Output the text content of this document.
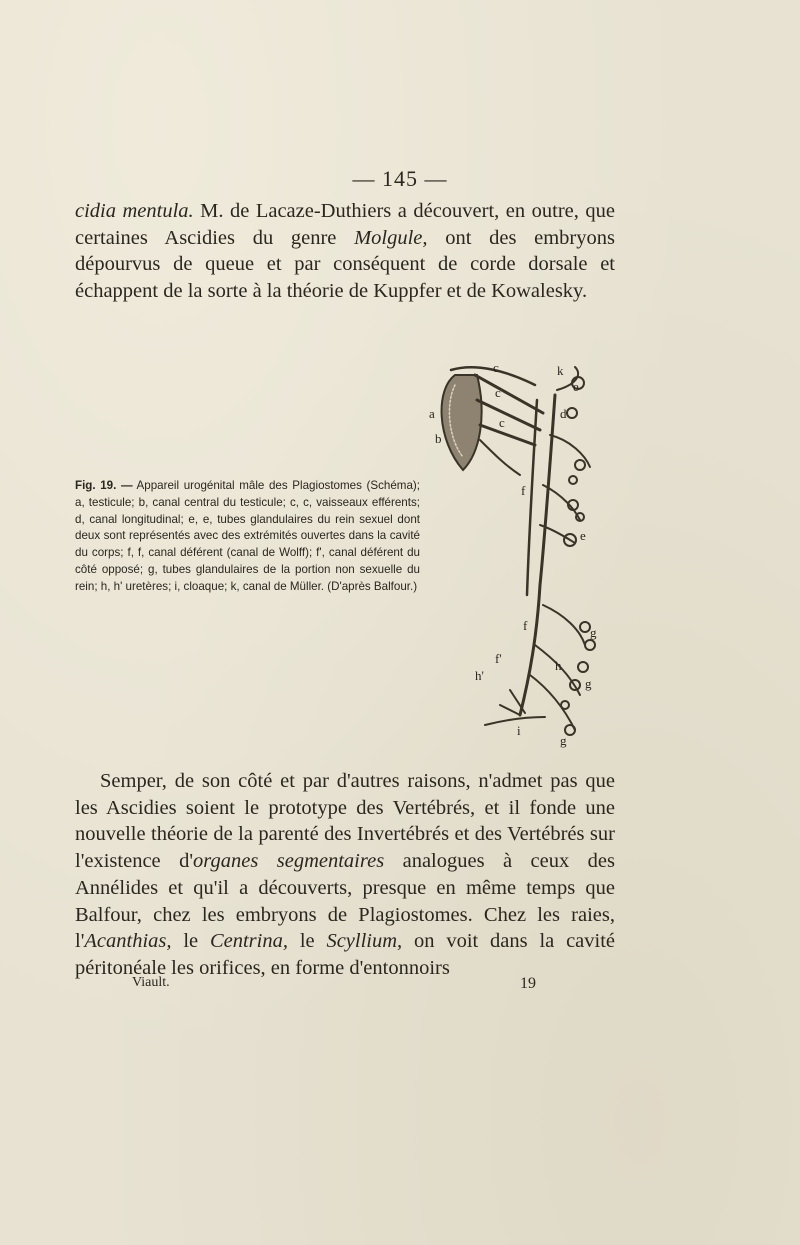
— 145 —

cidia mentula. M. de Lacaze-Duthiers a découvert, en outre, que certaines Ascidies du genre Molgule, ont des embryons dépourvus de queue et par conséquent de corde dorsale et échappent de la sorte à la théorie de Kuppfer et de Kowalesky.

Fig. 19. — Appareil urogénital mâle des Plagiostomes (Schéma); a, testicule; b, canal central du testicule; c, c, vaisseaux efférents; d, canal longitudinal; e, e, tubes glandulaires du rein sexuel dont deux sont représentés avec des extrémités ouvertes dans la cavité du corps; f, f, canal déférent (canal de Wolff); f', canal déférent du côté opposé; g, tubes glandulaires de la portion non sexuelle du rein; h, h' uretères; i, cloaque; k, canal de Müller. (D'après Balfour.)

a
b
c
c
c
d
e
e
f
f
f'
g
g
g
h
h'
i
k

Semper, de son côté et par d'autres raisons, n'admet pas que les Ascidies soient le prototype des Vertébrés, et il fonde une nouvelle théorie de la parenté des Invertébrés et des Vertébrés sur l'existence d'organes segmentaires analogues à ceux des Annélides et qu'il a découverts, presque en même temps que Balfour, chez les embryons de Plagiostomes. Chez les raies, l'Acanthias, le Centrina, le Scyllium, on voit dans la cavité péritonéale les orifices, en forme d'entonnoirs

Viault.	19
